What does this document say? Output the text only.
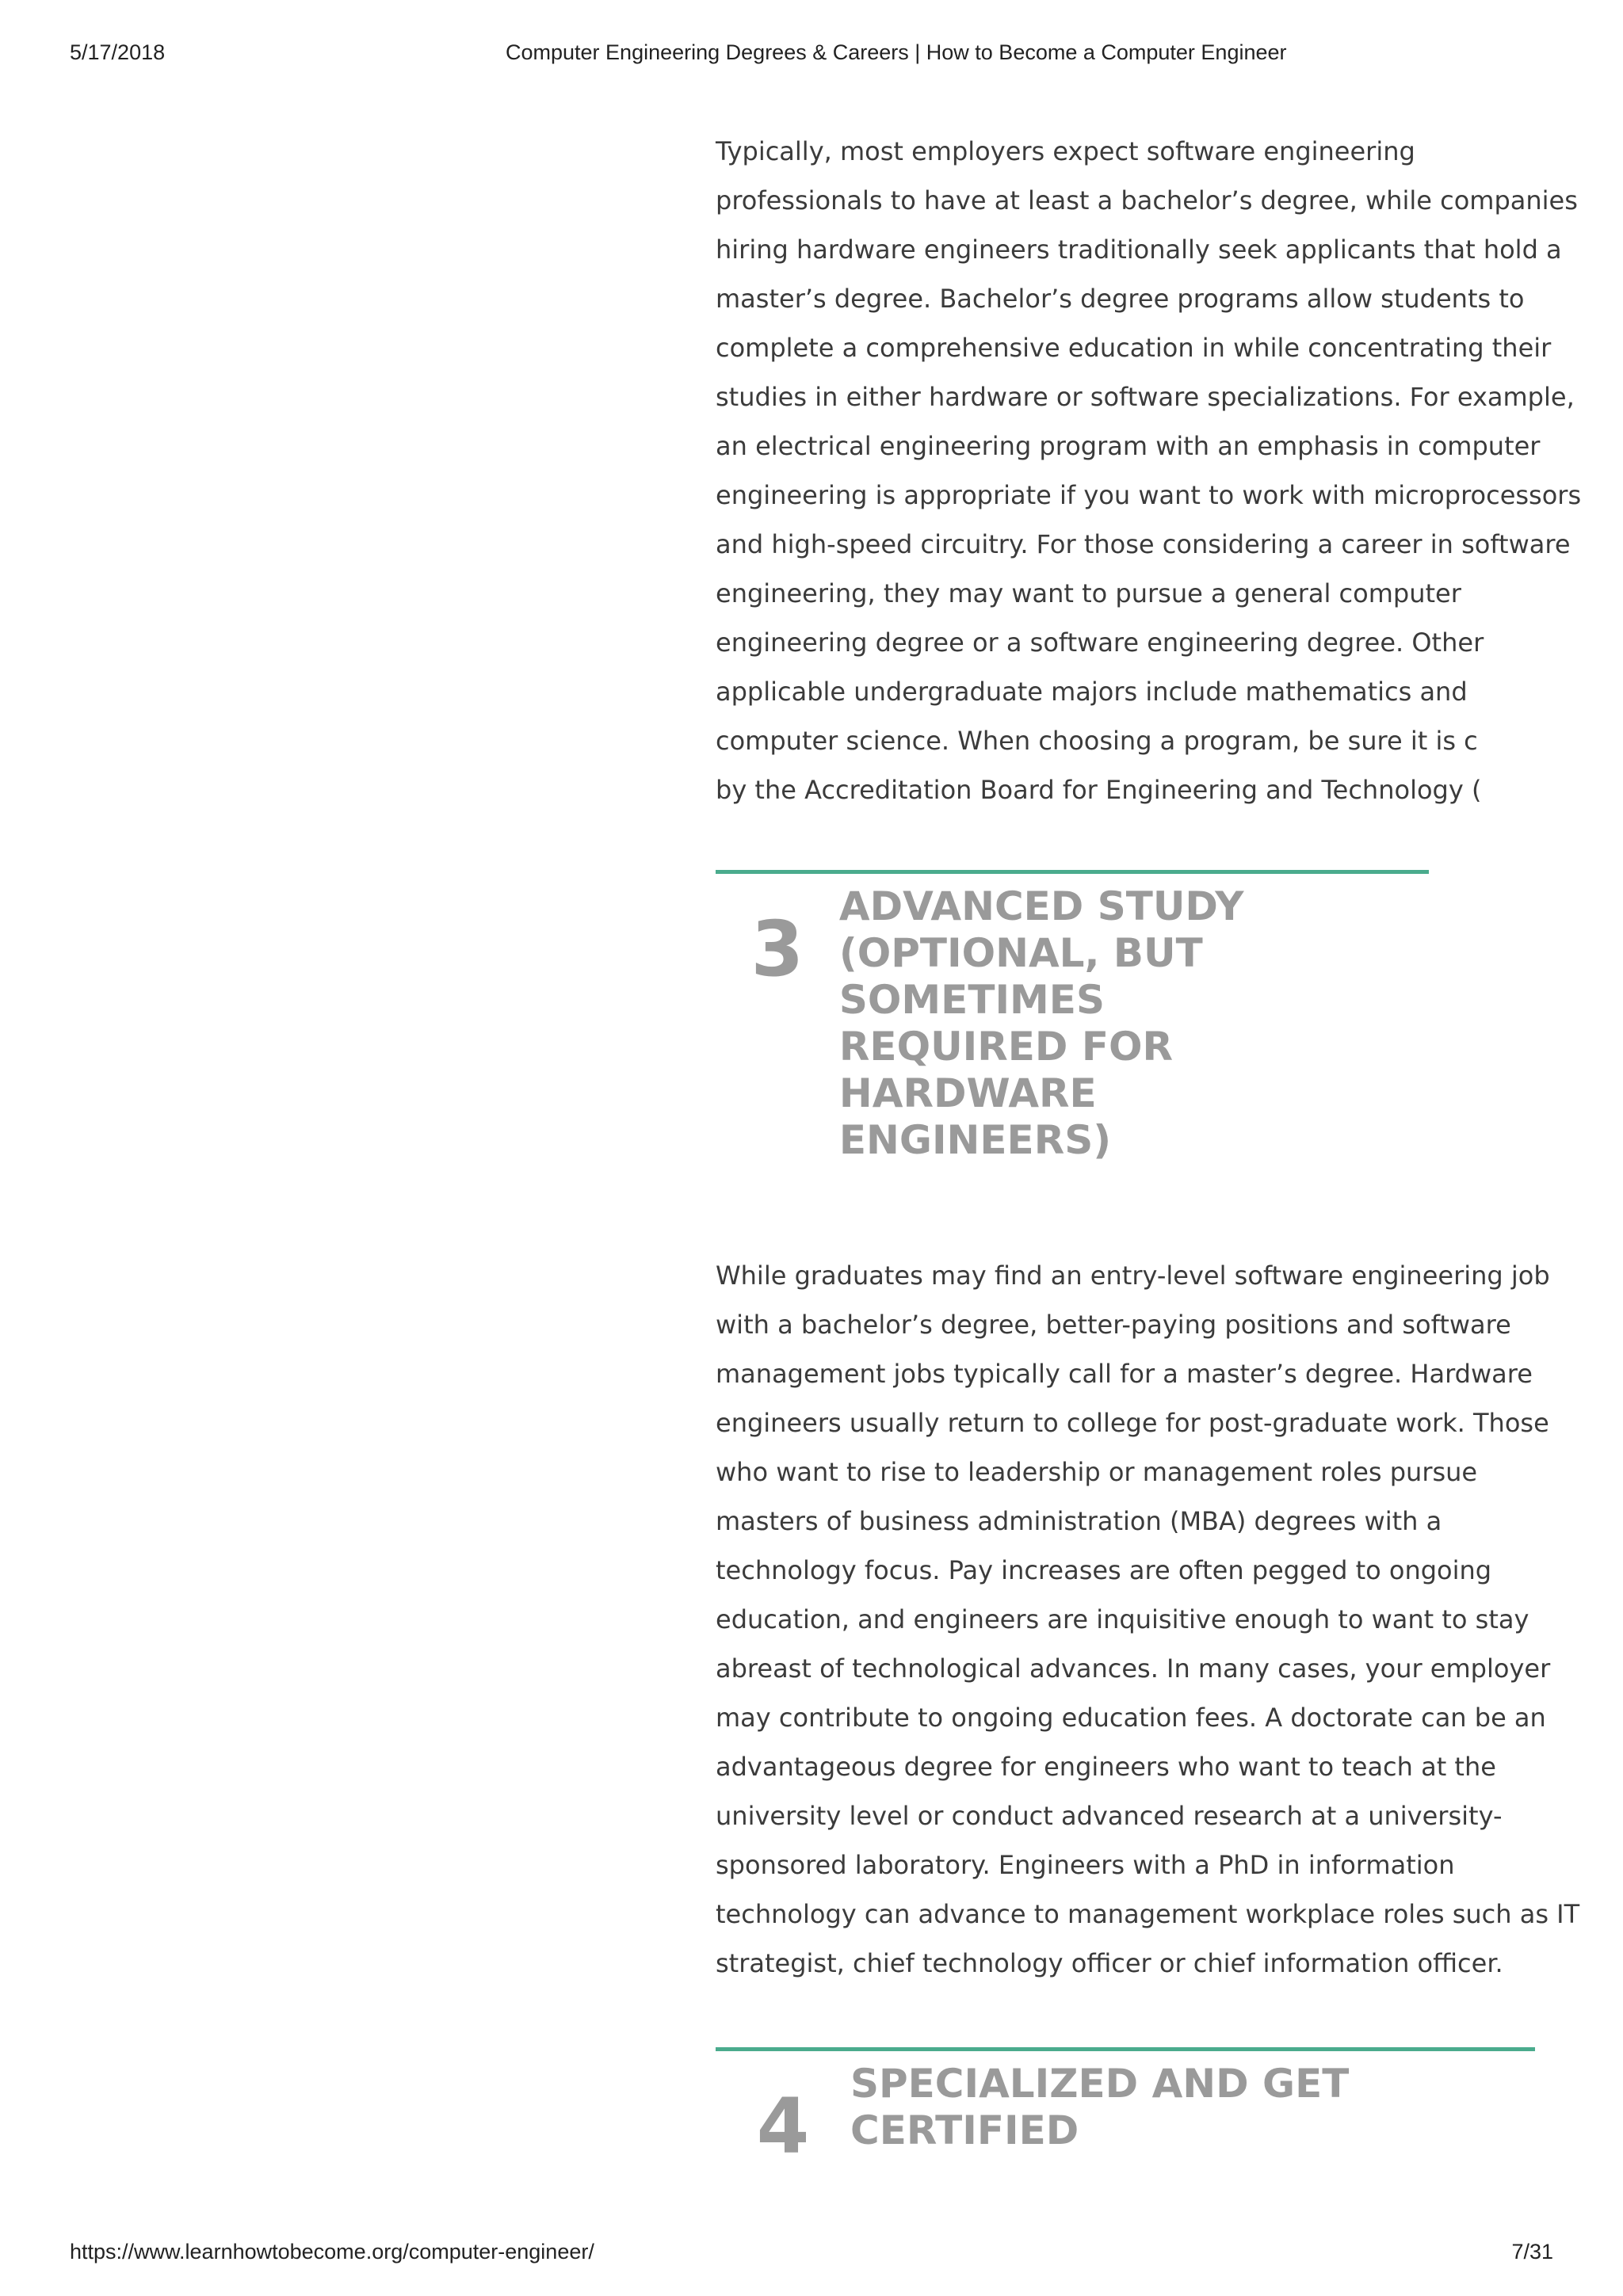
5/17/2018	Computer Engineering Degrees & Careers | How to Become a Computer Engineer

Typically, most employers expect software engineering
professionals to have at least a bachelor’s degree, while companies
hiring hardware engineers traditionally seek applicants that hold a
master’s degree. Bachelor’s degree programs allow students to
complete a comprehensive education in while concentrating their
studies in either hardware or software specializations. For example,
an electrical engineering program with an emphasis in computer
engineering is appropriate if you want to work with microprocessors
and high-speed circuitry. For those considering a career in software
engineering, they may want to pursue a general computer
engineering degree or a software engineering degree. Other
applicable undergraduate majors include mathematics and
computer science. When choosing a program, be sure it is c
by the Accreditation Board for Engineering and Technology (

3 ADVANCED STUDY
(OPTIONAL, BUT SOMETIMES
REQUIRED FOR HARDWARE
ENGINEERS)

While graduates may find an entry-level software engineering job
with a bachelor’s degree, better-paying positions and software
management jobs typically call for a master’s degree. Hardware
engineers usually return to college for post-graduate work. Those
who want to rise to leadership or management roles pursue
masters of business administration (MBA) degrees with a
technology focus. Pay increases are often pegged to ongoing
education, and engineers are inquisitive enough to want to stay
abreast of technological advances. In many cases, your employer
may contribute to ongoing education fees. A doctorate can be an
advantageous degree for engineers who want to teach at the
university level or conduct advanced research at a university-
sponsored laboratory. Engineers with a PhD in information
technology can advance to management workplace roles such as IT
strategist, chief technology officer or chief information officer.

4	SPECIALIZED AND GET
CERTIFIED
https://www.learnhowtobecome.org/computer-engineer/	7/31
